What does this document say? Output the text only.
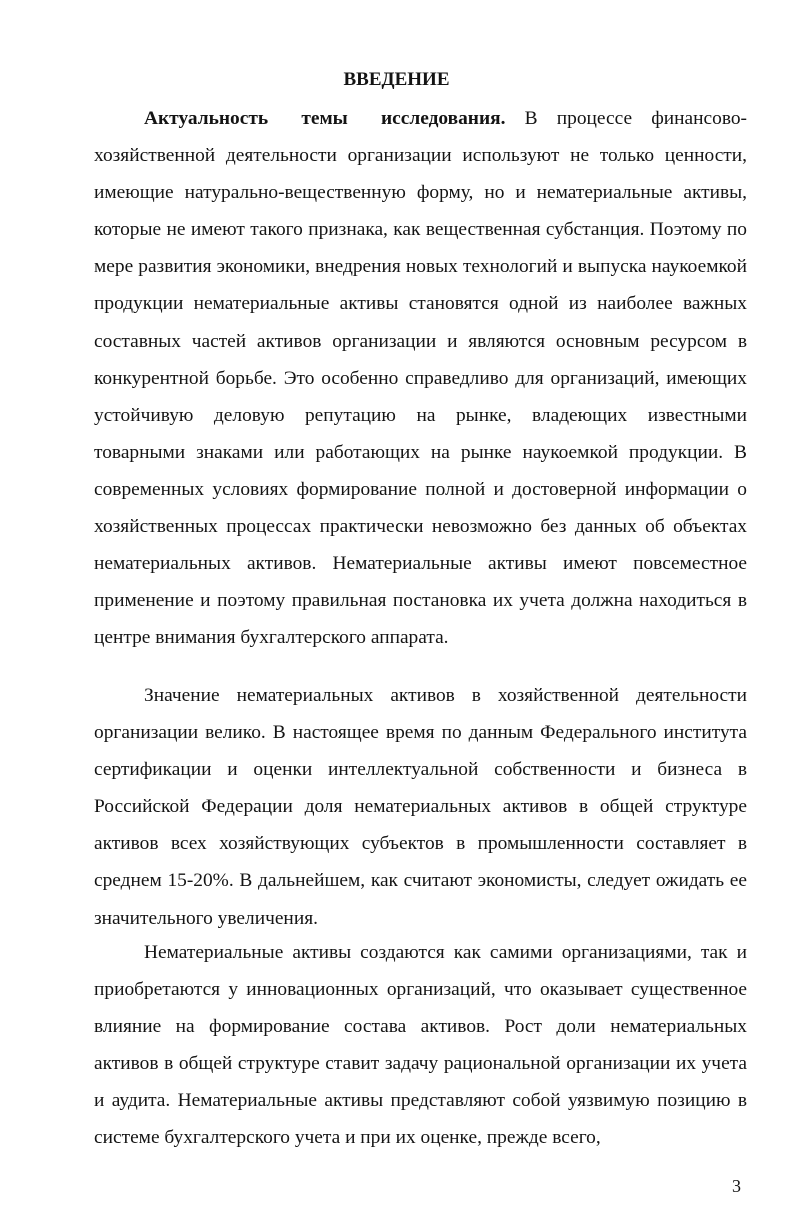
ВВЕДЕНИЕ

Актуальность темы исследования. В процессе финансово-хозяйственной деятельности организации используют не только ценности, имеющие натурально-вещественную форму, но и нематериальные активы, которые не имеют такого признака, как вещественная субстанция. Поэтому по мере развития экономики, внедрения новых технологий и выпуска наукоемкой продукции нематериальные активы становятся одной из наиболее важных составных частей активов организации и являются основным ресурсом в конкурентной борьбе. Это особенно справедливо для организаций, имеющих устойчивую деловую репутацию на рынке, владеющих известными товарными знаками или работающих на рынке наукоемкой продукции. В современных условиях формирование полной и достоверной информации о хозяйственных процессах практически невозможно без данных об объектах нематериальных активов. Нематериальные активы имеют повсеместное применение и поэтому правильная постановка их учета должна находиться в центре внимания бухгалтерского аппарата.

Значение нематериальных активов в хозяйственной деятельности организации велико. В настоящее время по данным Федерального института сертификации и оценки интеллектуальной собственности и бизнеса в Российской Федерации доля нематериальных активов в общей структуре активов всех хозяйствующих субъектов в промышленности составляет в среднем 15-20%. В дальнейшем, как считают экономисты, следует ожидать ее значительного увеличения.

Нематериальные активы создаются как самими организациями, так и приобретаются у инновационных организаций, что оказывает существенное влияние на формирование состава активов. Рост доли нематериальных активов в общей структуре ставит задачу рациональной организации их учета и аудита. Нематериальные активы представляют собой уязвимую позицию в системе бухгалтерского учета и при их оценке, прежде всего,

3
